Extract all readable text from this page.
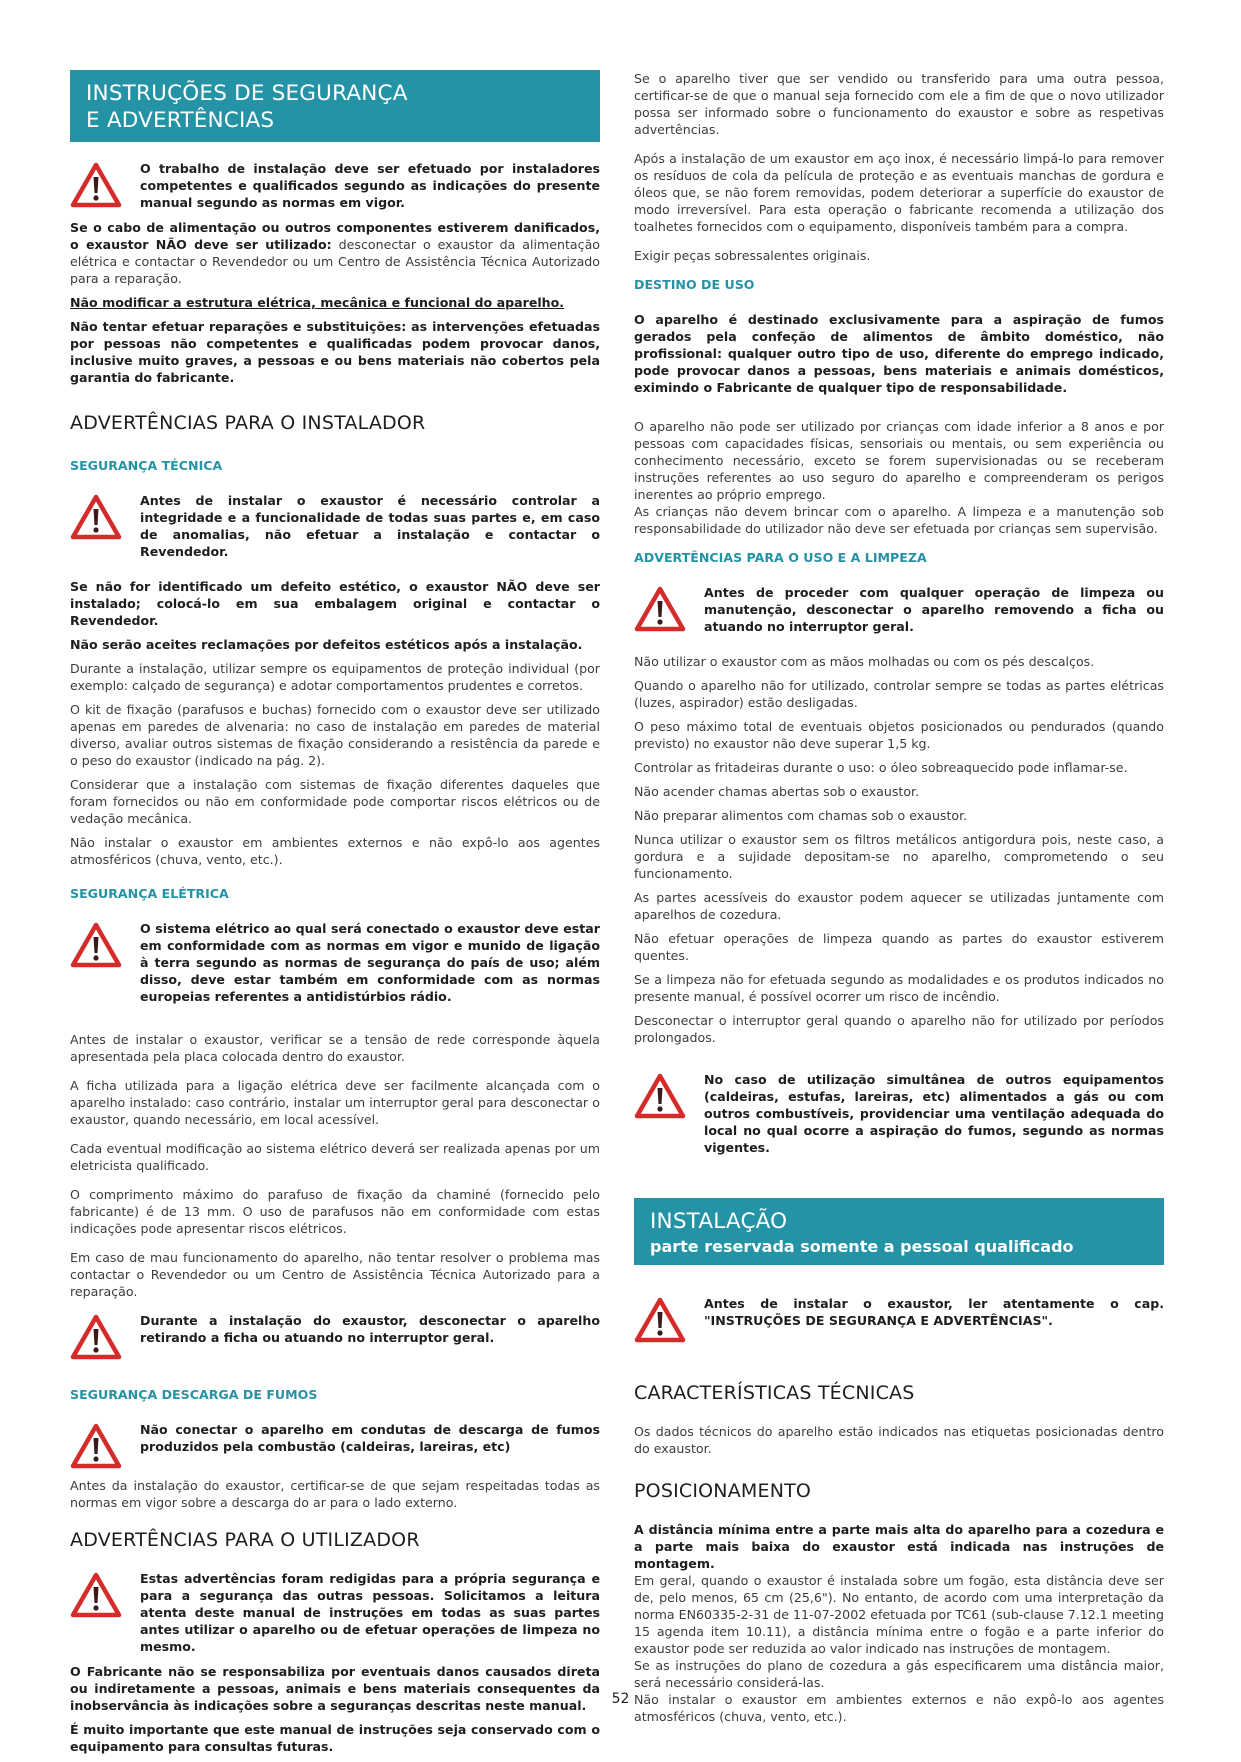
INSTRUÇÕES DE SEGURANÇA
E ADVERTÊNCIAS

O trabalho de instalação deve ser efetuado por instaladores competentes e qualificados segundo as indicações do presente manual segundo as normas em vigor.

Se o cabo de alimentação ou outros componentes estiverem danificados, o exaustor NÃO deve ser utilizado: desconectar o exaustor da alimentação elétrica e contactar o Revendedor ou um Centro de Assistência Técnica Autorizado para a reparação.

Não modificar a estrutura elétrica, mecânica e funcional do aparelho.

Não tentar efetuar reparações e substituições: as intervenções efetuadas por pessoas não competentes e qualificadas podem provocar danos, inclusive muito graves, a pessoas e ou bens materiais não cobertos pela garantia do fabricante.

ADVERTÊNCIAS PARA O INSTALADOR
SEGURANÇA TÉCNICA

Antes de instalar o exaustor é necessário controlar a integridade e a funcionalidade de todas suas partes e, em caso de anomalias, não efetuar a instalação e contactar o Revendedor.

Se não for identificado um defeito estético, o exaustor NÃO deve ser instalado; colocá-lo em sua embalagem original e contactar o Revendedor.

Não serão aceites reclamações por defeitos estéticos após a instalação.

Durante a instalação, utilizar sempre os equipamentos de proteção individual (por exemplo: calçado de segurança) e adotar comportamentos prudentes e corretos.

O kit de fixação (parafusos e buchas) fornecido com o exaustor deve ser utilizado apenas em paredes de alvenaria: no caso de instalação em paredes de material diverso, avaliar outros sistemas de fixação considerando a resistência da parede e o peso do exaustor (indicado na pág. 2).

Considerar que a instalação com sistemas de fixação diferentes daqueles que foram fornecidos ou não em conformidade pode comportar riscos elétricos ou de vedação mecânica.

Não instalar o exaustor em ambientes externos e não expô-lo aos agentes atmosféricos (chuva, vento, etc.).

SEGURANÇA ELÉTRICA

O sistema elétrico ao qual será conectado o exaustor deve estar em conformidade com as normas em vigor e munido de ligação à terra segundo as normas de segurança do país de uso; além disso, deve estar também em conformidade com as normas europeias referentes a antidistúrbios rádio.

Antes de instalar o exaustor, verificar se a tensão de rede corresponde àquela apresentada pela placa colocada dentro do exaustor.

A ficha utilizada para a ligação elétrica deve ser facilmente alcançada com o aparelho instalado: caso contrário, instalar um interruptor geral para desconectar o exaustor, quando necessário, em local acessível.

Cada eventual modificação ao sistema elétrico deverá ser realizada apenas por um eletricista qualificado.

O comprimento máximo do parafuso de fixação da chaminé (fornecido pelo fabricante) é de 13 mm. O uso de parafusos não em conformidade com estas indicações pode apresentar riscos elétricos.

Em caso de mau funcionamento do aparelho, não tentar resolver o problema mas contactar o Revendedor ou um Centro de Assistência Técnica Autorizado para a reparação.

Durante a instalação do exaustor, desconectar o aparelho retirando a ficha ou atuando no interruptor geral.

SEGURANÇA DESCARGA DE FUMOS

Não conectar o aparelho em condutas de descarga de fumos produzidos pela combustão (caldeiras, lareiras, etc)

Antes da instalação do exaustor, certificar-se de que sejam respeitadas todas as normas em vigor sobre a descarga do ar para o lado externo.

ADVERTÊNCIAS PARA O UTILIZADOR

Estas advertências foram redigidas para a própria segurança e para a segurança das outras pessoas. Solicitamos a leitura atenta deste manual de instruções em todas as suas partes antes utilizar o aparelho ou de efetuar operações de limpeza no mesmo.

O Fabricante não se responsabiliza por eventuais danos causados direta ou indiretamente a pessoas, animais e bens materiais consequentes da inobservância às indicações sobre a seguranças descritas neste manual.

É muito importante que este manual de instruções seja conservado com o equipamento para consultas futuras.

Se o aparelho tiver que ser vendido ou transferido para uma outra pessoa, certificar-se de que o manual seja fornecido com ele a fim de que o novo utilizador possa ser informado sobre o funcionamento do exaustor e sobre as respetivas advertências.

Após a instalação de um exaustor em aço inox, é necessário limpá-lo para remover os resíduos de cola da película de proteção e as eventuais manchas de gordura e óleos que, se não forem removidas, podem deteriorar a superfície do exaustor de modo irreversível. Para esta operação o fabricante recomenda a utilização dos toalhetes fornecidos com o equipamento, disponíveis também para a compra.

Exigir peças sobressalentes originais.

DESTINO DE USO

O aparelho é destinado exclusivamente para a aspiração de fumos gerados pela confeção de alimentos de âmbito doméstico, não profissional: qualquer outro tipo de uso, diferente do emprego indicado, pode provocar danos a pessoas, bens materiais e animais domésticos, eximindo o Fabricante de qualquer tipo de responsabilidade.

O aparelho não pode ser utilizado por crianças com idade inferior a 8 anos e por pessoas com capacidades físicas, sensoriais ou mentais, ou sem experiência ou conhecimento necessário, exceto se forem supervisionadas ou se receberam instruções referentes ao uso seguro do aparelho e compreenderam os perigos inerentes ao próprio emprego.

As crianças não devem brincar com o aparelho. A limpeza e a manutenção sob responsabilidade do utilizador não deve ser efetuada por crianças sem supervisão.

ADVERTÊNCIAS PARA O USO E A LIMPEZA

Antes de proceder com qualquer operação de limpeza ou manutenção, desconectar o aparelho removendo a ficha ou atuando no interruptor geral.

Não utilizar o exaustor com as mãos molhadas ou com os pés descalços.

Quando o aparelho não for utilizado, controlar sempre se todas as partes elétricas (luzes, aspirador) estão desligadas.

O peso máximo total de eventuais objetos posicionados ou pendurados (quando previsto) no exaustor não deve superar 1,5 kg.

Controlar as fritadeiras durante o uso: o óleo sobreaquecido pode inflamar-se.

Não acender chamas abertas sob o exaustor.

Não preparar alimentos com chamas sob o exaustor.

Nunca utilizar o exaustor sem os filtros metálicos antigordura pois, neste caso, a gordura e a sujidade depositam-se no aparelho, comprometendo o seu funcionamento.

As partes acessíveis do exaustor podem aquecer se utilizadas juntamente com aparelhos de cozedura.

Não efetuar operações de limpeza quando as partes do exaustor estiverem quentes.

Se a limpeza não for efetuada segundo as modalidades e os produtos indicados no presente manual, é possível ocorrer um risco de incêndio.

Desconectar o interruptor geral quando o aparelho não for utilizado por períodos prolongados.

No caso de utilização simultânea de outros equipamentos (caldeiras, estufas, lareiras, etc) alimentados a gás ou com outros combustíveis, providenciar uma ventilação adequada do local no qual ocorre a aspiração do fumos, segundo as normas vigentes.

INSTALAÇÃO
parte reservada somente a pessoal qualificado

Antes de instalar o exaustor, ler atentamente o cap. "INSTRUÇÕES DE SEGURANÇA E ADVERTÊNCIAS".

CARACTERÍSTICAS TÉCNICAS

Os dados técnicos do aparelho estão indicados nas etiquetas posicionadas dentro do exaustor.

POSICIONAMENTO

A distância mínima entre a parte mais alta do aparelho para a cozedura e a parte mais baixa do exaustor está indicada nas instruções de montagem.

Em geral, quando o exaustor é instalada sobre um fogão, esta distância deve ser de, pelo menos, 65 cm (25,6"). No entanto, de acordo com uma interpretação da norma EN60335-2-31 de 11-07-2002 efetuada por TC61 (sub-clause 7.12.1 meeting 15 agenda item 10.11), a distância mínima entre o fogão e a parte inferior do exaustor pode ser reduzida ao valor indicado nas instruções de montagem.

Se as instruções do plano de cozedura a gás especificarem uma distância maior, será necessário considerá-las.

Não instalar o exaustor em ambientes externos e não expô-lo aos agentes atmosféricos (chuva, vento, etc.).

52
